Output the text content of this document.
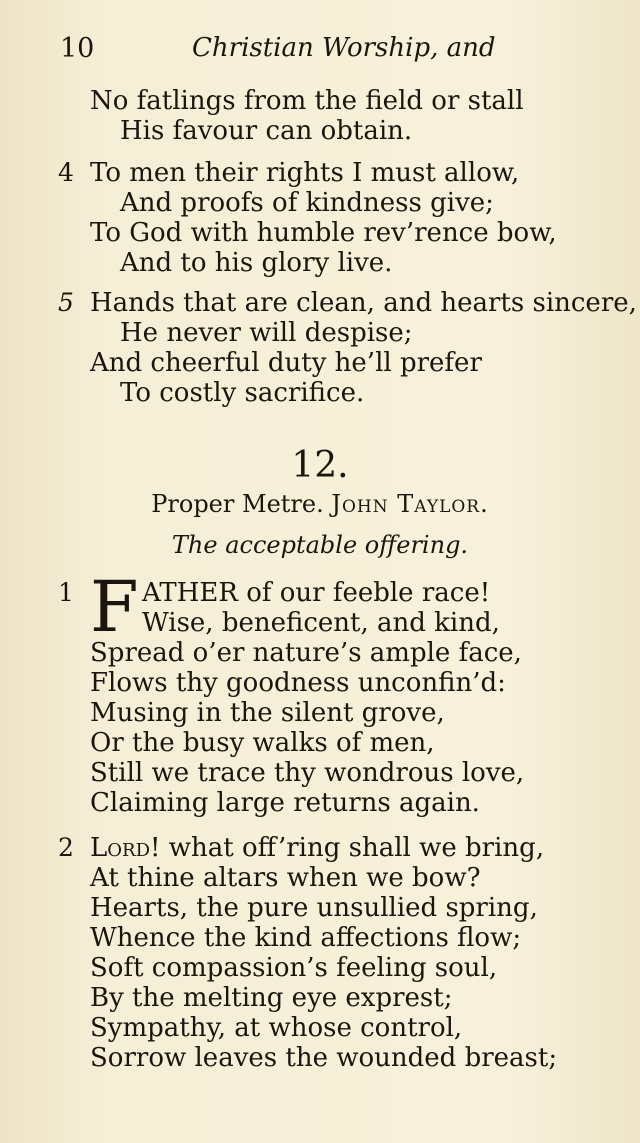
10	Christian Worship, and
No fatlings from the field or stall
His favour can obtain.
4 To men their rights I must allow,
And proofs of kindness give;
To God with humble rev’rence bow,
And to his glory live.
5 Hands that are clean, and hearts sincere,
He never will despise;
And cheerful duty he’ll prefer
To costly sacrifice.
12.
Proper Metre. John Taylor.
The acceptable offering.
1 F ATHER of our feeble race!
Wise, beneficent, and kind,
Spread o’er nature’s ample face,
Flows thy goodness unconfin’d:
Musing in the silent grove,
Or the busy walks of men,
Still we trace thy wondrous love,
Claiming large returns again.
2 Lord! what off’ring shall we bring,
At thine altars when we bow?
Hearts, the pure unsullied spring,
Whence the kind affections flow;
Soft compassion’s feeling soul,
By the melting eye exprest;
Sympathy, at whose control,
Sorrow leaves the wounded breast;
